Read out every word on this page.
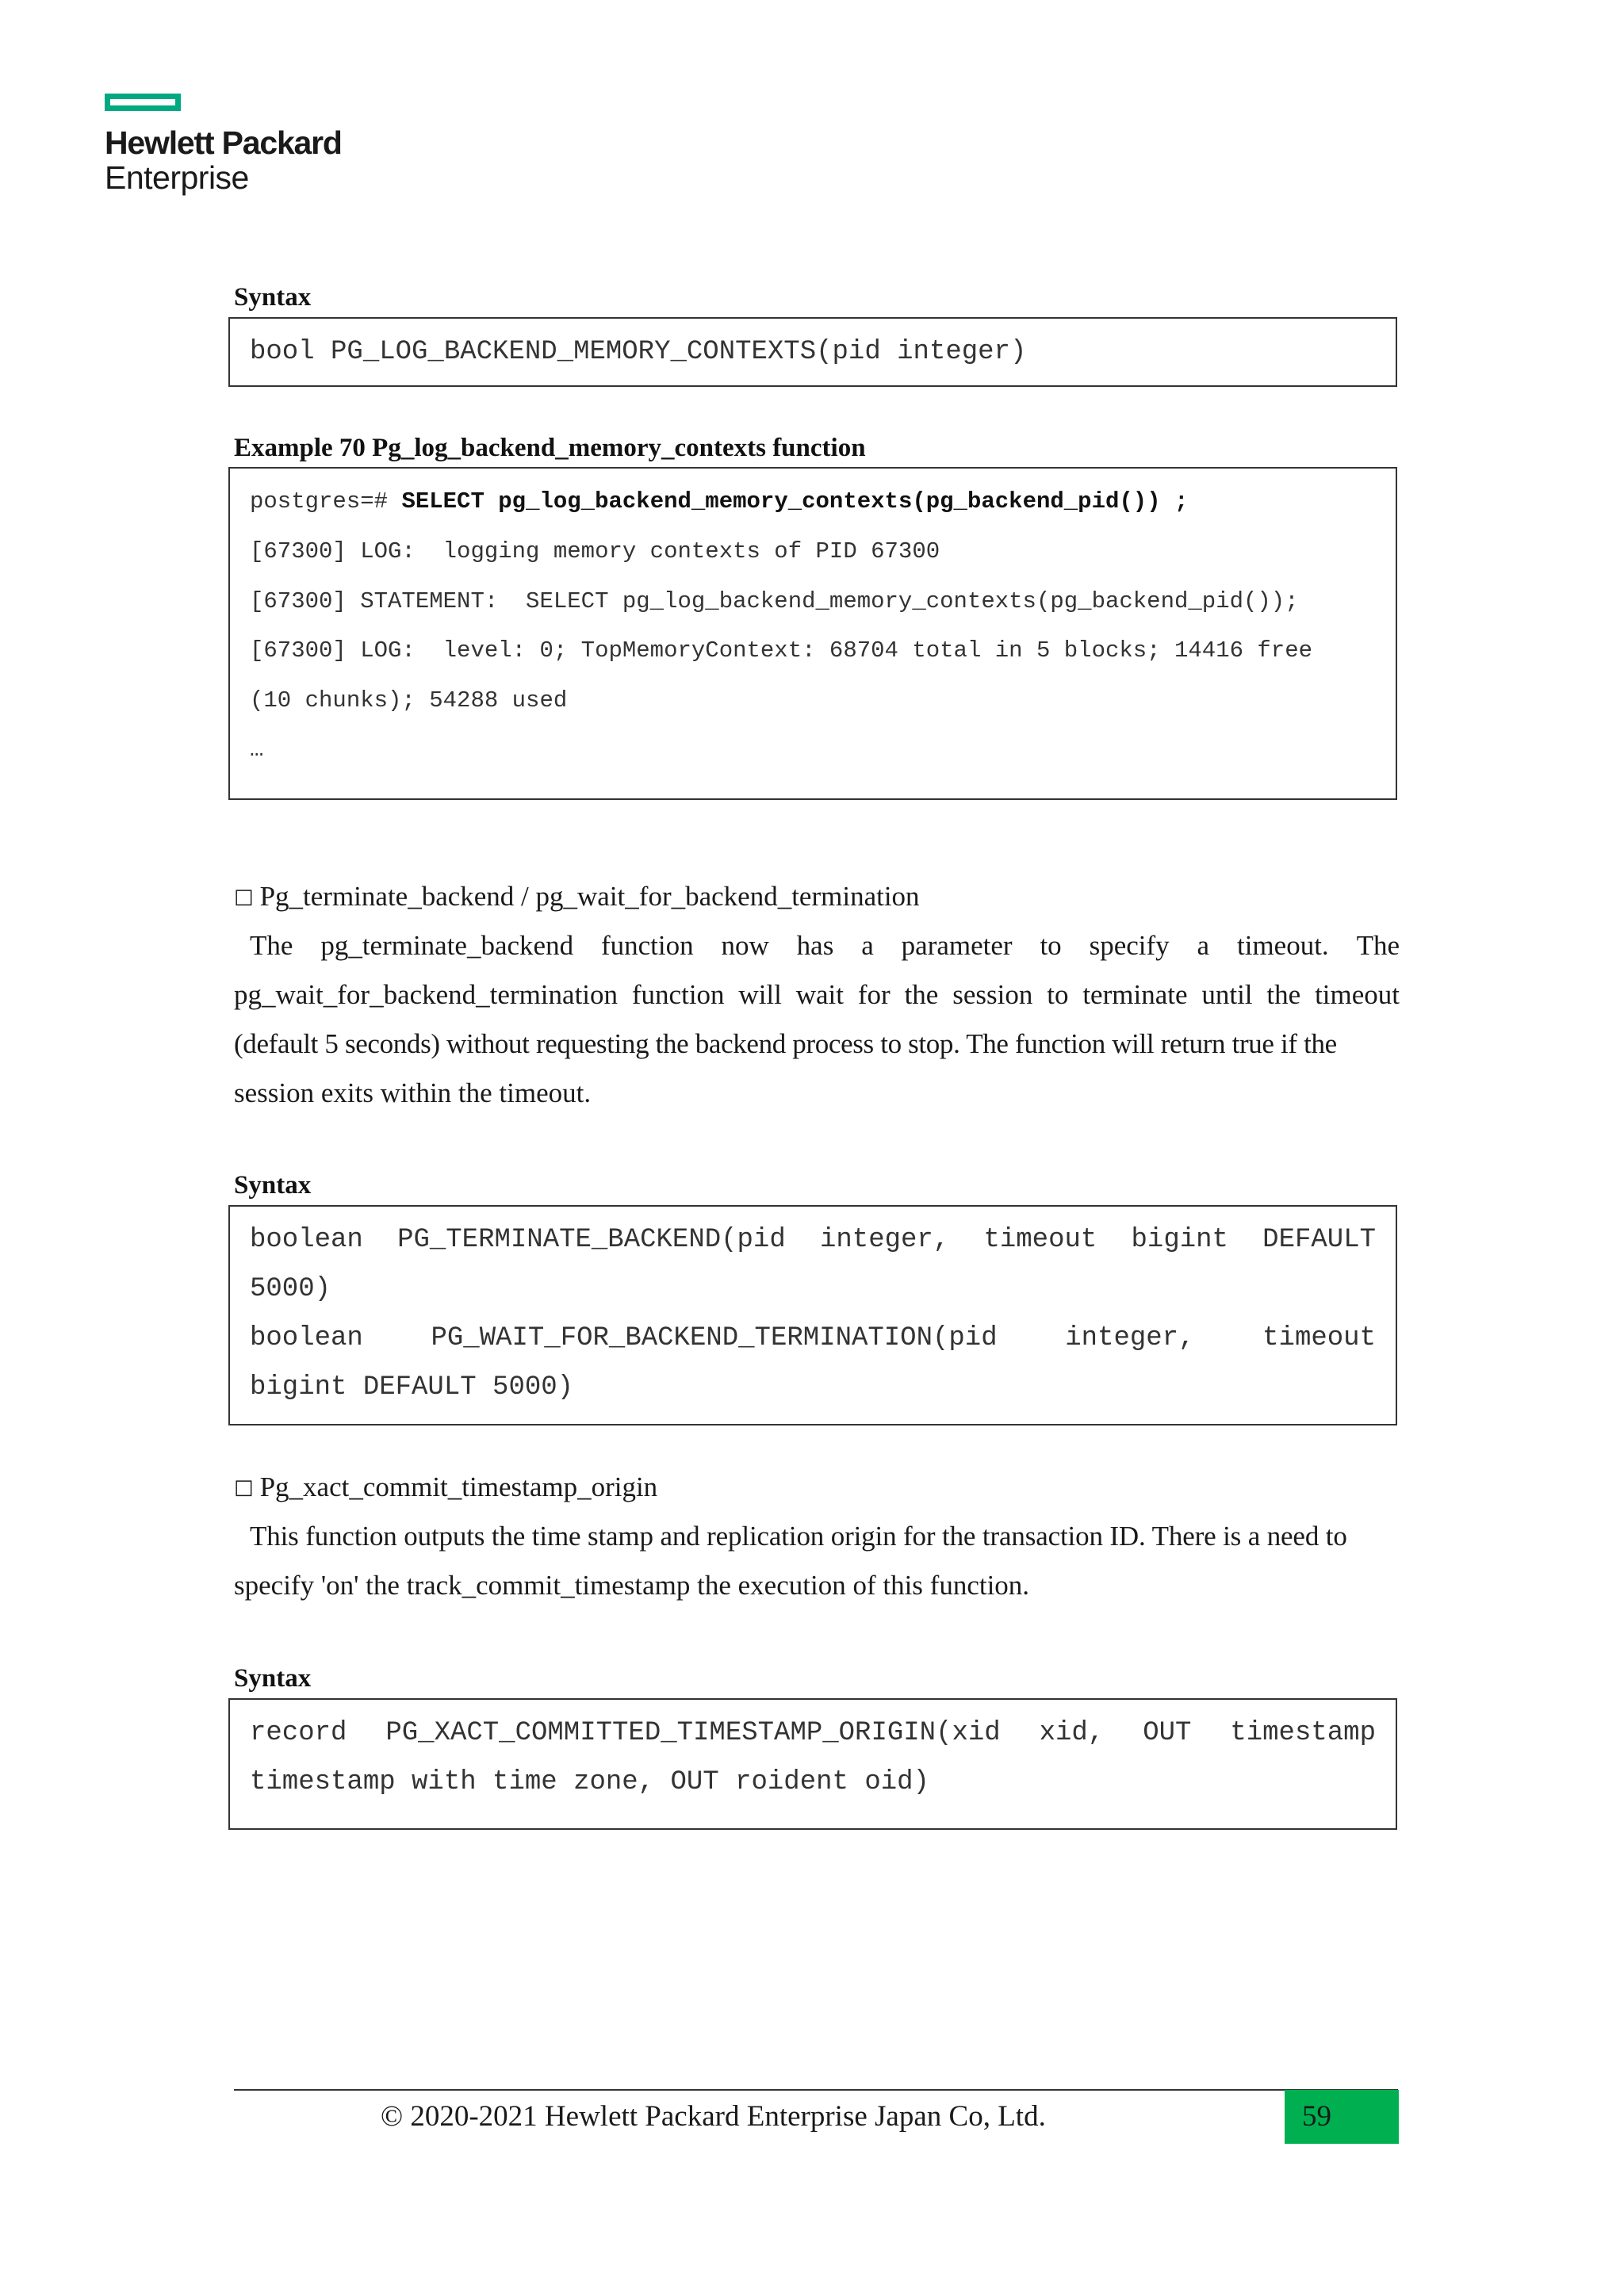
Hewlett Packard
Enterprise
Syntax
bool PG_LOG_BACKEND_MEMORY_CONTEXTS(pid integer)
Example 70 Pg_log_backend_memory_contexts function
postgres=# SELECT pg_log_backend_memory_contexts(pg_backend_pid()) ;
[67300] LOG:  logging memory contexts of PID 67300
[67300] STATEMENT:  SELECT pg_log_backend_memory_contexts(pg_backend_pid());
[67300] LOG:  level: 0; TopMemoryContext: 68704 total in 5 blocks; 14416 free
(10 chunks); 54288 used
…
□ Pg_terminate_backend / pg_wait_for_backend_termination
The pg_terminate_backend function now has a parameter to specify a timeout. The
pg_wait_for_backend_termination function will wait for the session to terminate until the timeout
(default 5 seconds) without requesting the backend process to stop. The function will return true if the
session exits within the timeout.
Syntax
boolean PG_TERMINATE_BACKEND(pid integer, timeout bigint DEFAULT
5000)
boolean	PG_WAIT_FOR_BACKEND_TERMINATION(pid	integer,	timeout
bigint DEFAULT 5000)
□ Pg_xact_commit_timestamp_origin
This function outputs the time stamp and replication origin for the transaction ID. There is a need to
specify 'on' the track_commit_timestamp the execution of this function.
Syntax
record PG_XACT_COMMITTED_TIMESTAMP_ORIGIN(xid xid, OUT timestamp
timestamp with time zone, OUT roident oid)
© 2020-2021 Hewlett Packard Enterprise Japan Co, Ltd.	59
